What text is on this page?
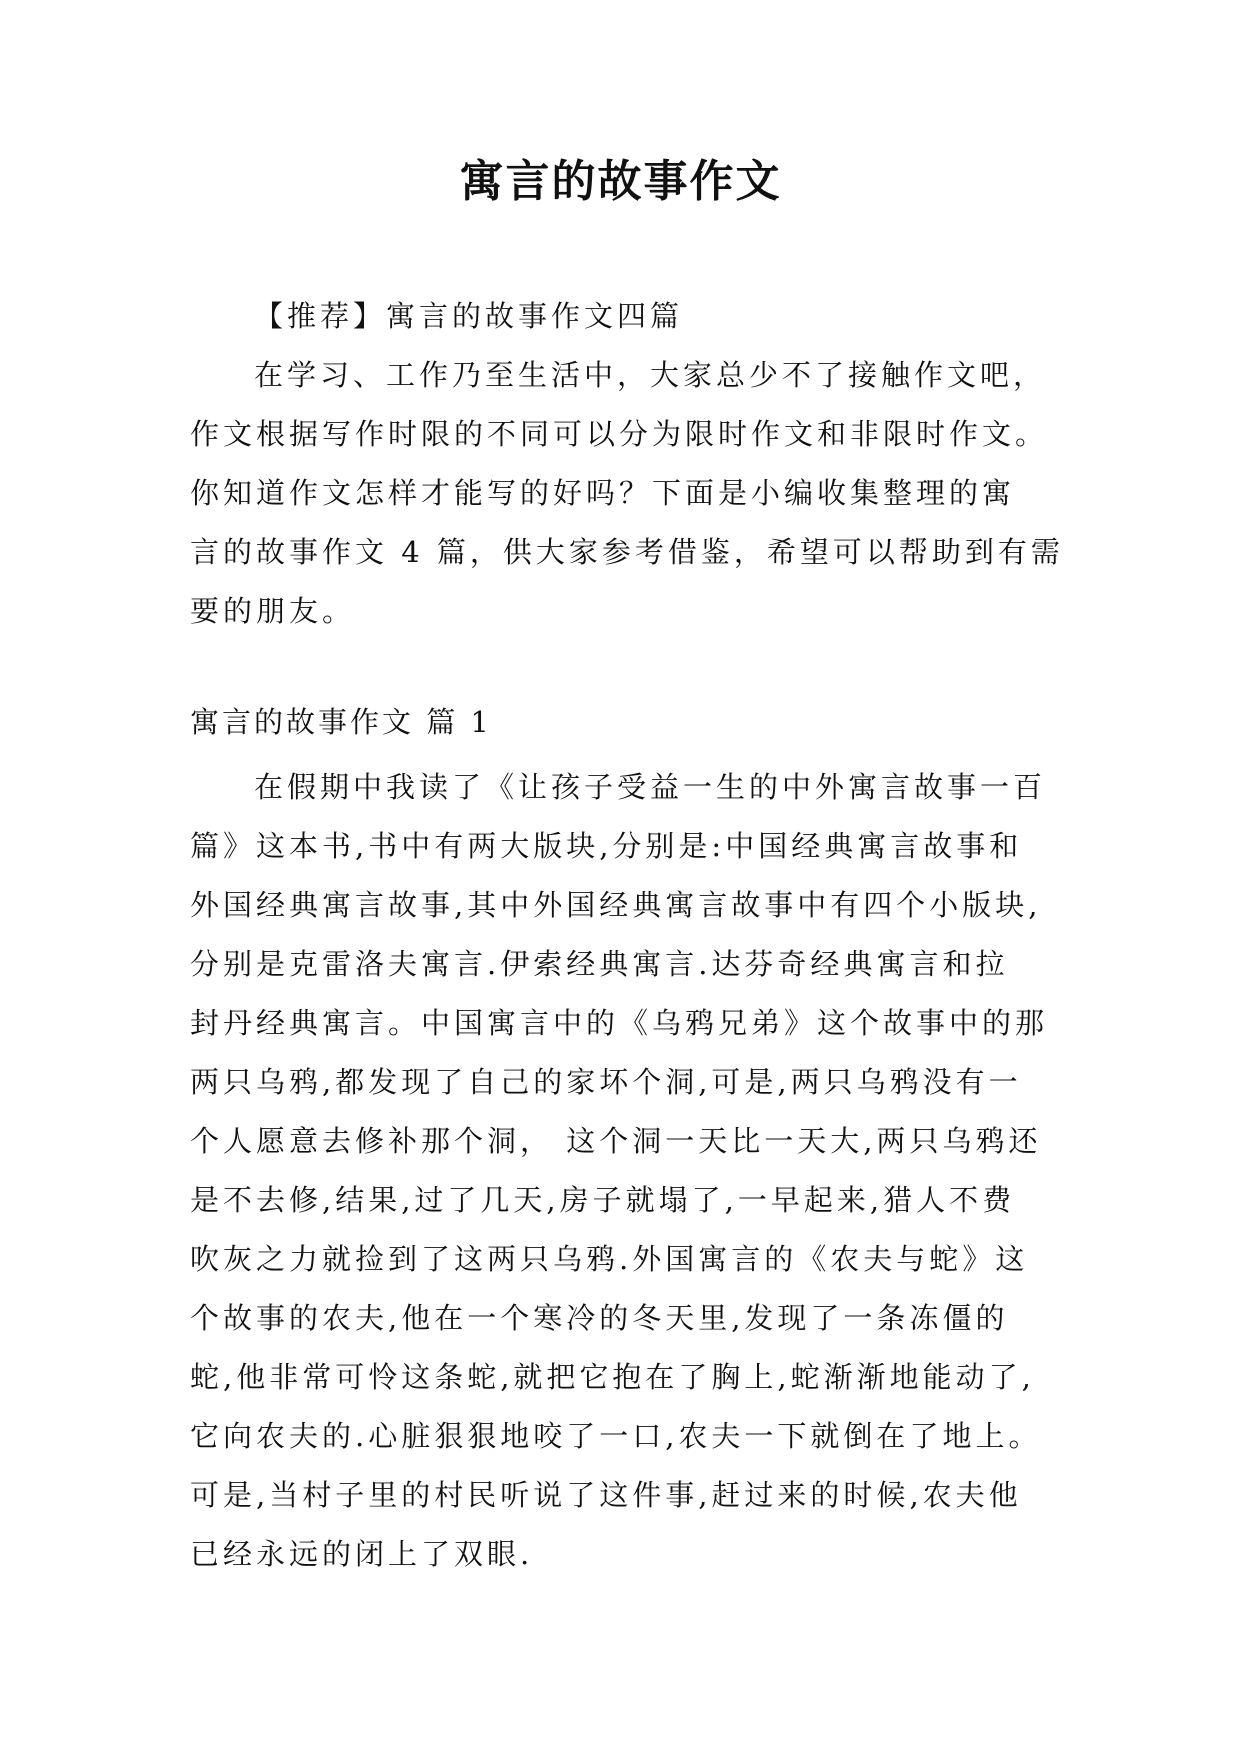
寓言的故事作文
【推荐】寓言的故事作文四篇
在学习、工作乃至生活中，大家总少不了接触作文吧，
作文根据写作时限的不同可以分为限时作文和非限时作文。
你知道作文怎样才能写的好吗？下面是小编收集整理的寓
言的故事作文 4 篇，供大家参考借鉴，希望可以帮助到有需
要的朋友。
寓言的故事作文 篇 1
在假期中我读了《让孩子受益一生的中外寓言故事一百
篇》这本书,书中有两大版块,分别是:中国经典寓言故事和
外国经典寓言故事,其中外国经典寓言故事中有四个小版块,
分别是克雷洛夫寓言.伊索经典寓言.达芬奇经典寓言和拉
封丹经典寓言。中国寓言中的《乌鸦兄弟》这个故事中的那
两只乌鸦,都发现了自己的家坏个洞,可是,两只乌鸦没有一
个人愿意去修补那个洞， 这个洞一天比一天大,两只乌鸦还
是不去修,结果,过了几天,房子就塌了,一早起来,猎人不费
吹灰之力就捡到了这两只乌鸦.外国寓言的《农夫与蛇》这
个故事的农夫,他在一个寒冷的冬天里,发现了一条冻僵的
蛇,他非常可怜这条蛇,就把它抱在了胸上,蛇渐渐地能动了,
它向农夫的.心脏狠狠地咬了一口,农夫一下就倒在了地上。
可是,当村子里的村民听说了这件事,赶过来的时候,农夫他
已经永远的闭上了双眼.
